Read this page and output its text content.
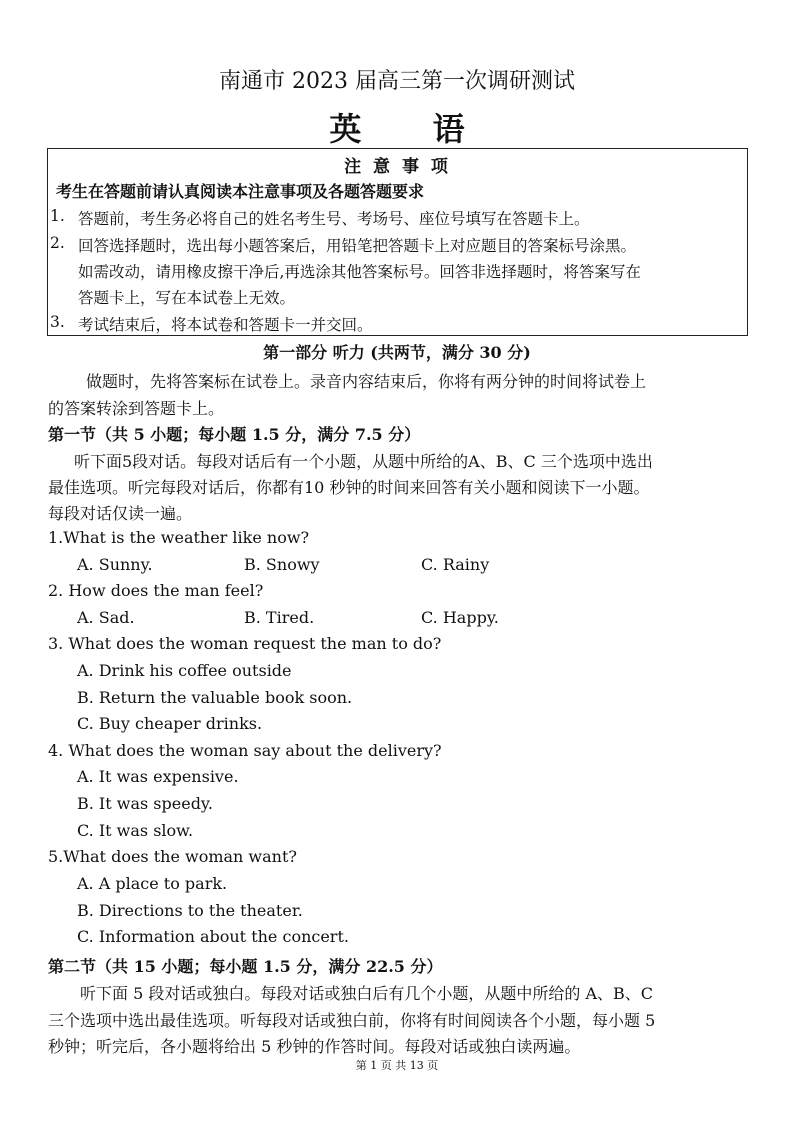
南通市 2023 届高三第一次调研测试
英 语
注 意 事 项
考生在答题前请认真阅读本注意事项及各题答题要求
1. 答题前，考生务必将自己的姓名考生号、考场号、座位号填写在答题卡上。
2. 回答选择题时，选出每小题答案后，用铅笔把答题卡上对应题目的答案标号涂黑。
如需改动，请用橡皮擦干净后,再选涂其他答案标号。回答非选择题时，将答案写在
答题卡上，写在本试卷上无效。
3. 考试结束后，将本试卷和答题卡一并交回。
第一部分 听力 (共两节，满分 30 分)
做题时，先将答案标在试卷上。录音内容结束后，你将有两分钟的时间将试卷上
的答案转涂到答题卡上。
第一节（共 5 小题；每小题 1.5 分，满分 7.5 分）
听下面5段对话。每段对话后有一个小题，从题中所给的A、B、C 三个选项中选出
最佳选项。听完每段对话后，你都有10 秒钟的时间来回答有关小题和阅读下一小题。
每段对话仅读一遍。
1.What is the weather like now?
A. Sunny.	B. Snowy	C. Rainy
2. How does the man feel?
A. Sad.	B. Tired.	C. Happy.
3. What does the woman request the man to do?
A. Drink his coffee outside
B. Return the valuable book soon.
C. Buy cheaper drinks.
4. What does the woman say about the delivery?
A. It was expensive.
B. It was speedy.
C. It was slow.
5.What does the woman want?
A. A place to park.
B. Directions to the theater.
C. Information about the concert.
第二节（共 15 小题；每小题 1.5 分，满分 22.5 分）
听下面 5 段对话或独白。每段对话或独白后有几个小题，从题中所给的 A、B、C
三个选项中选出最佳选项。听每段对话或独白前，你将有时间阅读各个小题，每小题 5
秒钟；听完后，各小题将给出 5 秒钟的作答时间。每段对话或独白读两遍。
第 1 页 共 13 页
